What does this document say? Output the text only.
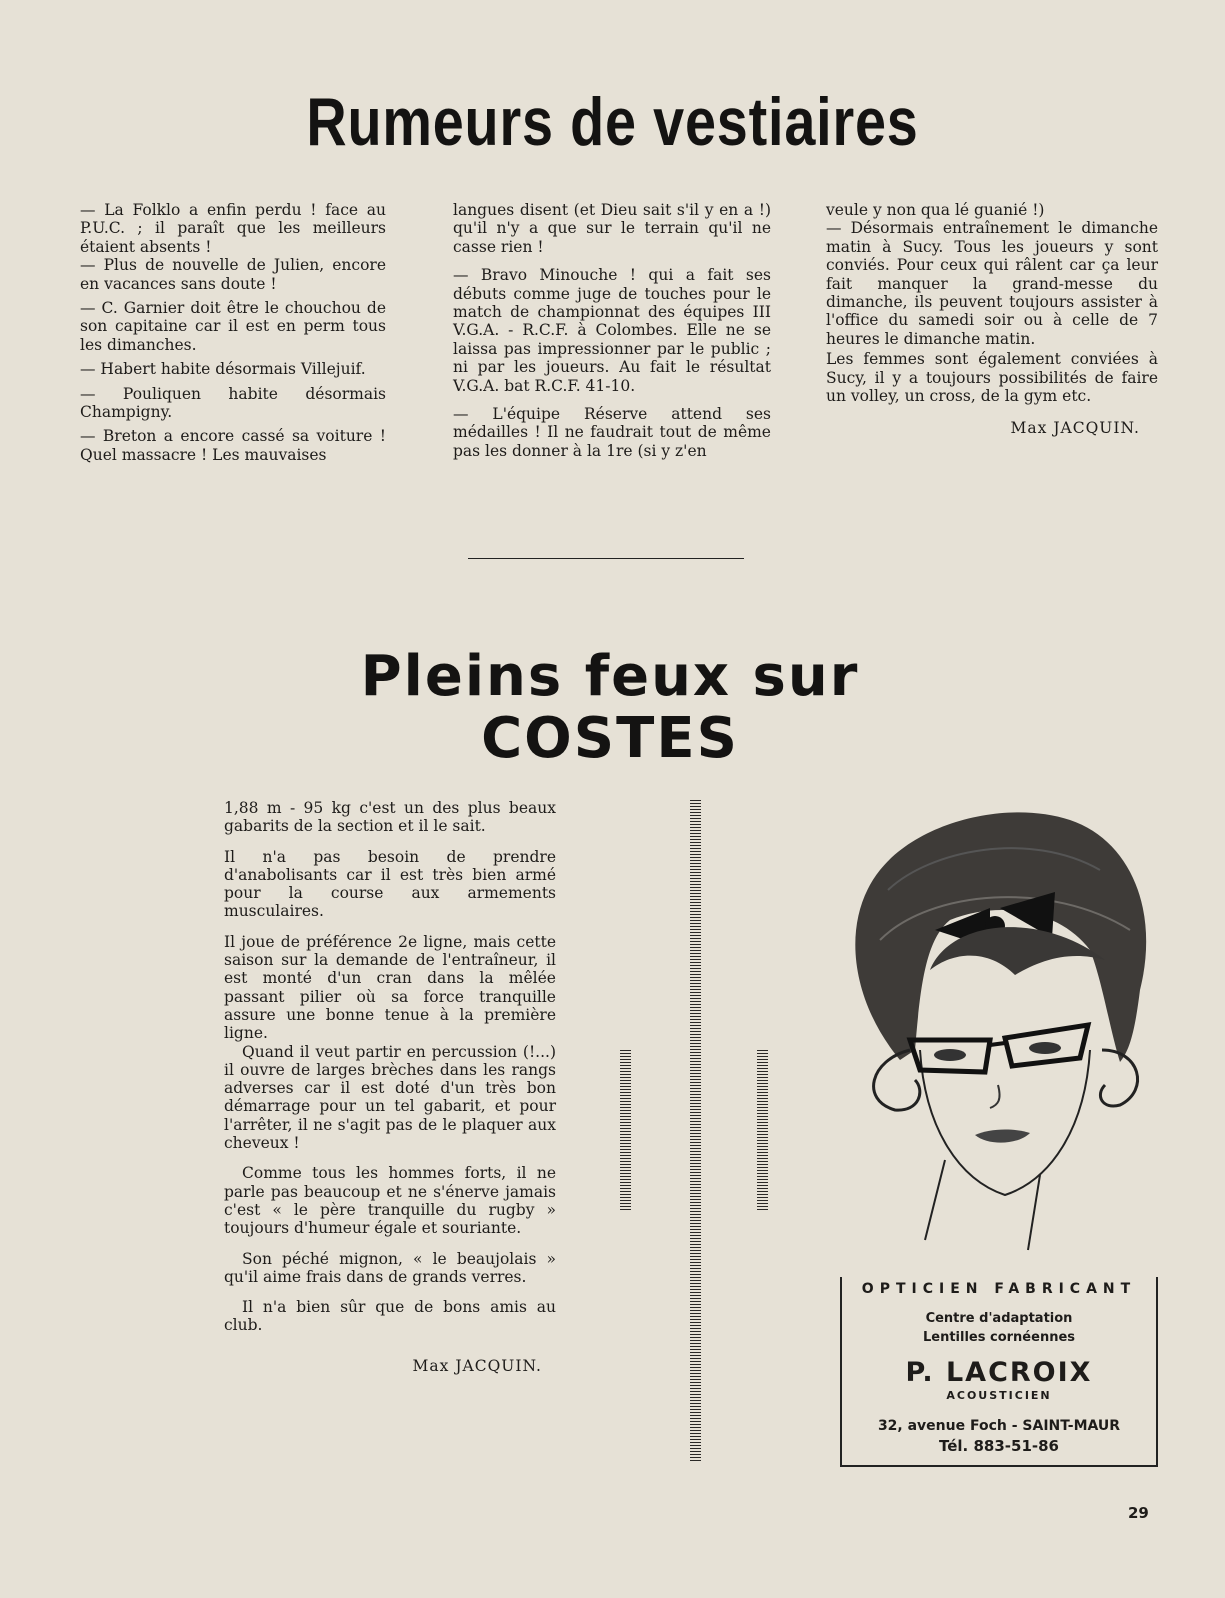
Rumeurs de vestiaires

— La Folklo a enfin perdu ! face au P.U.C. ; il paraît que les meilleurs étaient absents !

— Plus de nouvelle de Julien, encore en vacances sans doute !

— C. Garnier doit être le chouchou de son capitaine car il est en perm tous les dimanches.

— Habert habite désormais Villejuif.

— Pouliquen habite désormais Champigny.

— Breton a encore cassé sa voiture ! Quel massacre ! Les mauvaises

langues disent (et Dieu sait s'il y en a !) qu'il n'y a que sur le terrain qu'il ne casse rien !

— Bravo Minouche ! qui a fait ses débuts comme juge de touches pour le match de championnat des équipes III V.G.A. - R.C.F. à Colombes. Elle ne se laissa pas impressionner par le public ; ni par les joueurs. Au fait le résultat V.G.A. bat R.C.F. 41-10.

— L'équipe Réserve attend ses médailles ! Il ne faudrait tout de même pas les donner à la 1re (si y z'en

veule y non qua lé guanié !)

— Désormais entraînement le dimanche matin à Sucy. Tous les joueurs y sont conviés. Pour ceux qui râlent car ça leur fait manquer la grand-messe du dimanche, ils peuvent toujours assister à l'office du samedi soir ou à celle de 7 heures le dimanche matin.

Les femmes sont également conviées à Sucy, il y a toujours possibilités de faire un volley, un cross, de la gym etc.

Max JACQUIN.

Pleins feux sur
COSTES

1,88 m - 95 kg c'est un des plus beaux gabarits de la section et il le sait.

Il n'a pas besoin de prendre d'anabolisants car il est très bien armé pour la course aux armements musculaires.

Il joue de préférence 2e ligne, mais cette saison sur la demande de l'entraîneur, il est monté d'un cran dans la mêlée passant pilier où sa force tranquille assure une bonne tenue à la première ligne.

Quand il veut partir en percussion (!...) il ouvre de larges brèches dans les rangs adverses car il est doté d'un très bon démarrage pour un tel gabarit, et pour l'arrêter, il ne s'agit pas de le plaquer aux cheveux !

Comme tous les hommes forts, il ne parle pas beaucoup et ne s'énerve jamais c'est « le père tranquille du rugby » toujours d'humeur égale et souriante.

Son péché mignon, « le beaujolais » qu'il aime frais dans de grands verres.

Il n'a bien sûr que de bons amis au club.

Max JACQUIN.

OPTICIEN FABRICANT
Centre d'adaptation
Lentilles cornéennes
P. LACROIX
ACOUSTICIEN
32, avenue Foch - SAINT-MAUR
Tél. 883-51-86
29
